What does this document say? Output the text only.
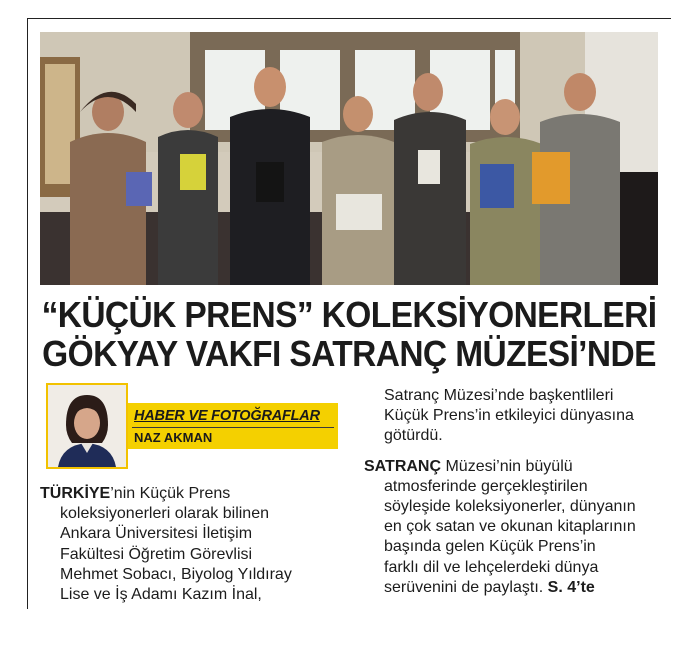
“KÜÇÜK PRENS” KOLEKSİYONERLERİ
GÖKYAY VAKFI SATRANÇ MÜZESİ’NDE
HABER VE FOTOĞRAFLAR
NAZ AKMAN

TÜRKİYE’nin Küçük Prens

koleksiyonerleri olarak bilinen
Ankara Üniversitesi İletişim
Fakültesi Öğretim Görevlisi
Mehmet Sobacı, Biyolog Yıldıray
Lise ve İş Adamı Kazım İnal,
Satranç Müzesi’nde başkentlileri
Küçük Prens’in etkileyici dünyasına
götürdü.

SATRANÇ Müzesi’nin büyülü

atmosferinde gerçekleştirilen
söyleşide koleksiyonerler, dünyanın
en çok satan ve okunan kitaplarının
başında gelen Küçük Prens’in
farklı dil ve lehçelerdeki dünya
serüvenini de paylaştı. S. 4’te
